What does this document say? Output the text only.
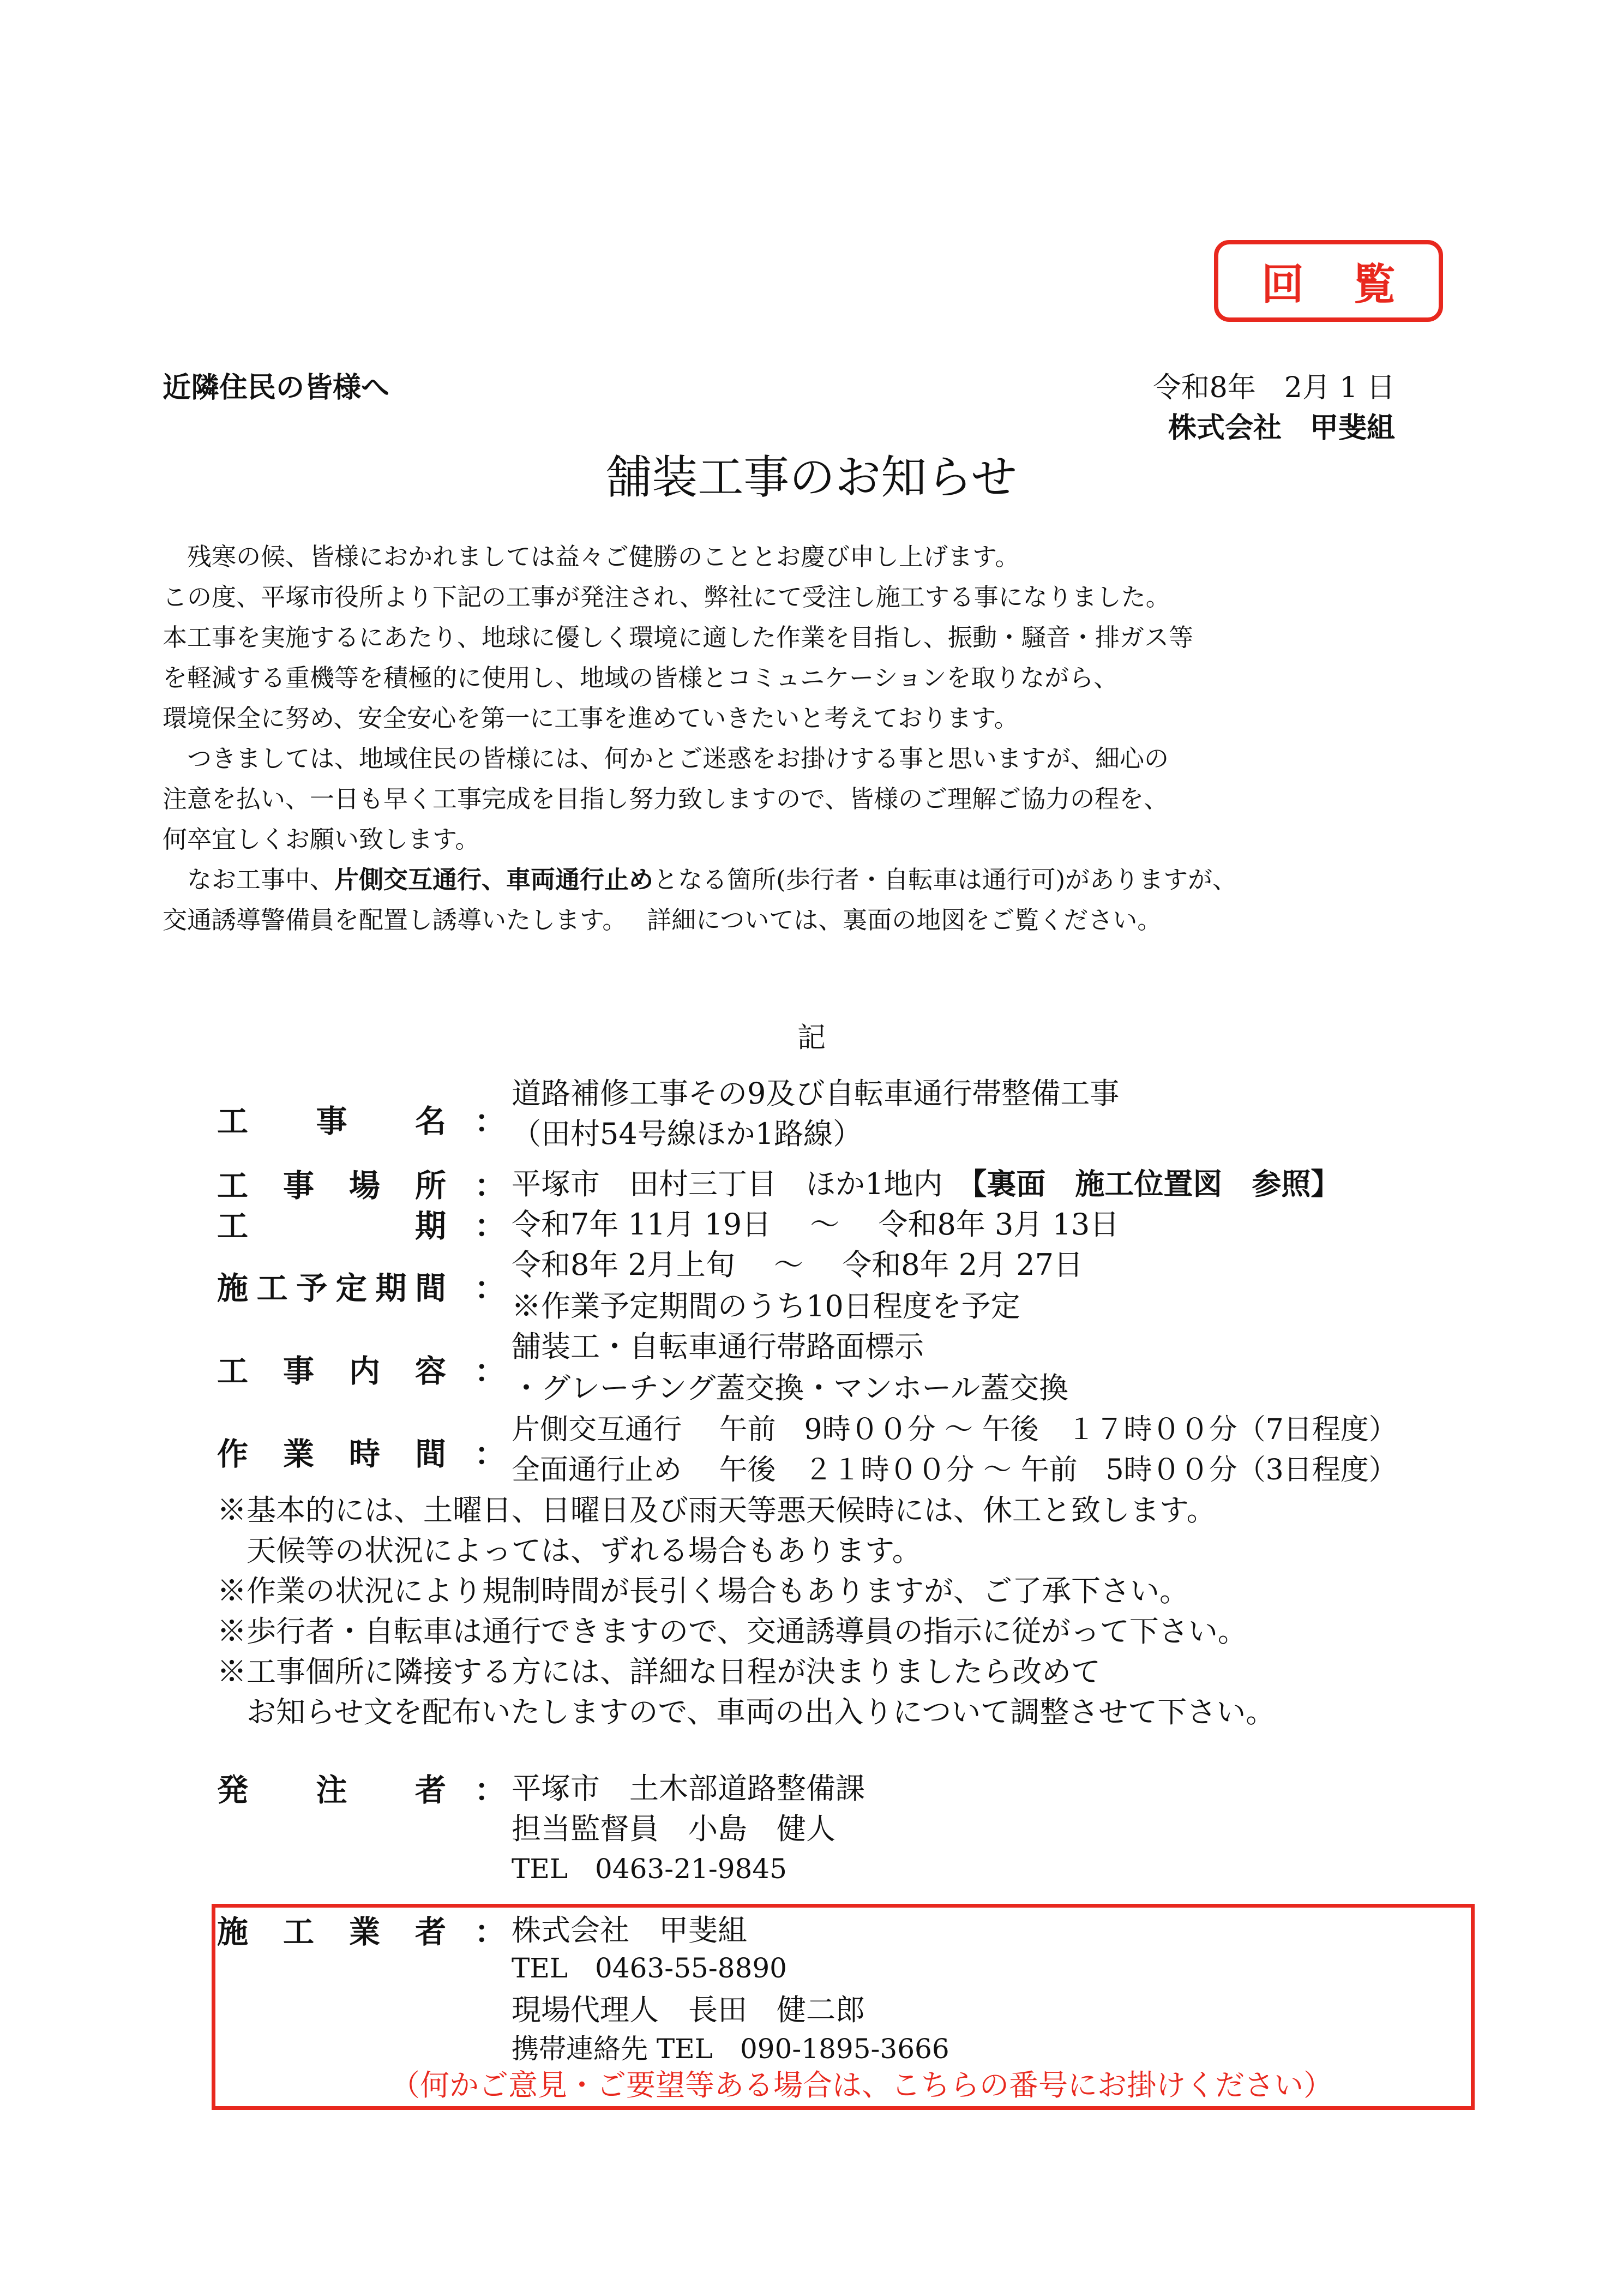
回覧
近隣住民の皆様へ	令和8年　2月 1 日
株式会社　甲斐組
舗装工事のお知らせ
　残寒の候、皆様におかれましては益々ご健勝のこととお慶び申し上げます。
この度、平塚市役所より下記の工事が発注され、弊社にて受注し施工する事になりました。
本工事を実施するにあたり、地球に優しく環境に適した作業を目指し、振動・騒音・排ガス等
を軽減する重機等を積極的に使用し、地域の皆様とコミュニケーションを取りながら、
環境保全に努め、安全安心を第一に工事を進めていきたいと考えております。
　つきましては、地域住民の皆様には、何かとご迷惑をお掛けする事と思いますが、細心の
注意を払い、一日も早く工事完成を目指し努力致しますので、皆様のご理解ご協力の程を、
何卒宜しくお願い致します。
　なお工事中、片側交互通行、車両通行止めとなる箇所(歩行者・自転車は通行可)がありますが、
交通誘導警備員を配置し誘導いたします。　 詳細については、裏面の地図をご覧ください。
記
工 事 名 ：
道路補修工事その9及び自転車通行帯整備工事
（田村54号線ほか1路線）
工 事 場 所 ： 平塚市　田村三丁目　ほか1地内　【裏面　施工位置図　参照】
工	期 ： 令和7年 11月 19日　 ～　 令和8年 3月 13日
施 工 予 定 期 間 ：
令和8年 2月上旬　 ～　 令和8年 2月 27日
※作業予定期間のうち10日程度を予定
工 事 内 容 ：
舗装工・自転車通行帯路面標示
・グレーチング蓋交換・マンホール蓋交換
作 業 時 間 ：
片側交互通行　 午前　9時００分 ～ 午後　１７時００分（7日程度）
全面通行止め　 午後　２１時００分 ～ 午前　5時００分（3日程度）
※基本的には、土曜日、日曜日及び雨天等悪天候時には、休工と致します。
　天候等の状況によっては、ずれる場合もあります。
※作業の状況により規制時間が長引く場合もありますが、ご了承下さい。
※歩行者・自転車は通行できますので、交通誘導員の指示に従がって下さい。
※工事個所に隣接する方には、詳細な日程が決まりましたら改めて
　お知らせ文を配布いたしますので、車両の出入りについて調整させて下さい。
発 注 者 ： 平塚市　土木部道路整備課
担当監督員　小島　健人
TEL　0463-21-9845
施 工 業 者 ： 株式会社　甲斐組
TEL　0463-55-8890
現場代理人　長田　健二郎
携帯連絡先 TEL　090-1895-3666
（何かご意見・ご要望等ある場合は、こちらの番号にお掛けください）
